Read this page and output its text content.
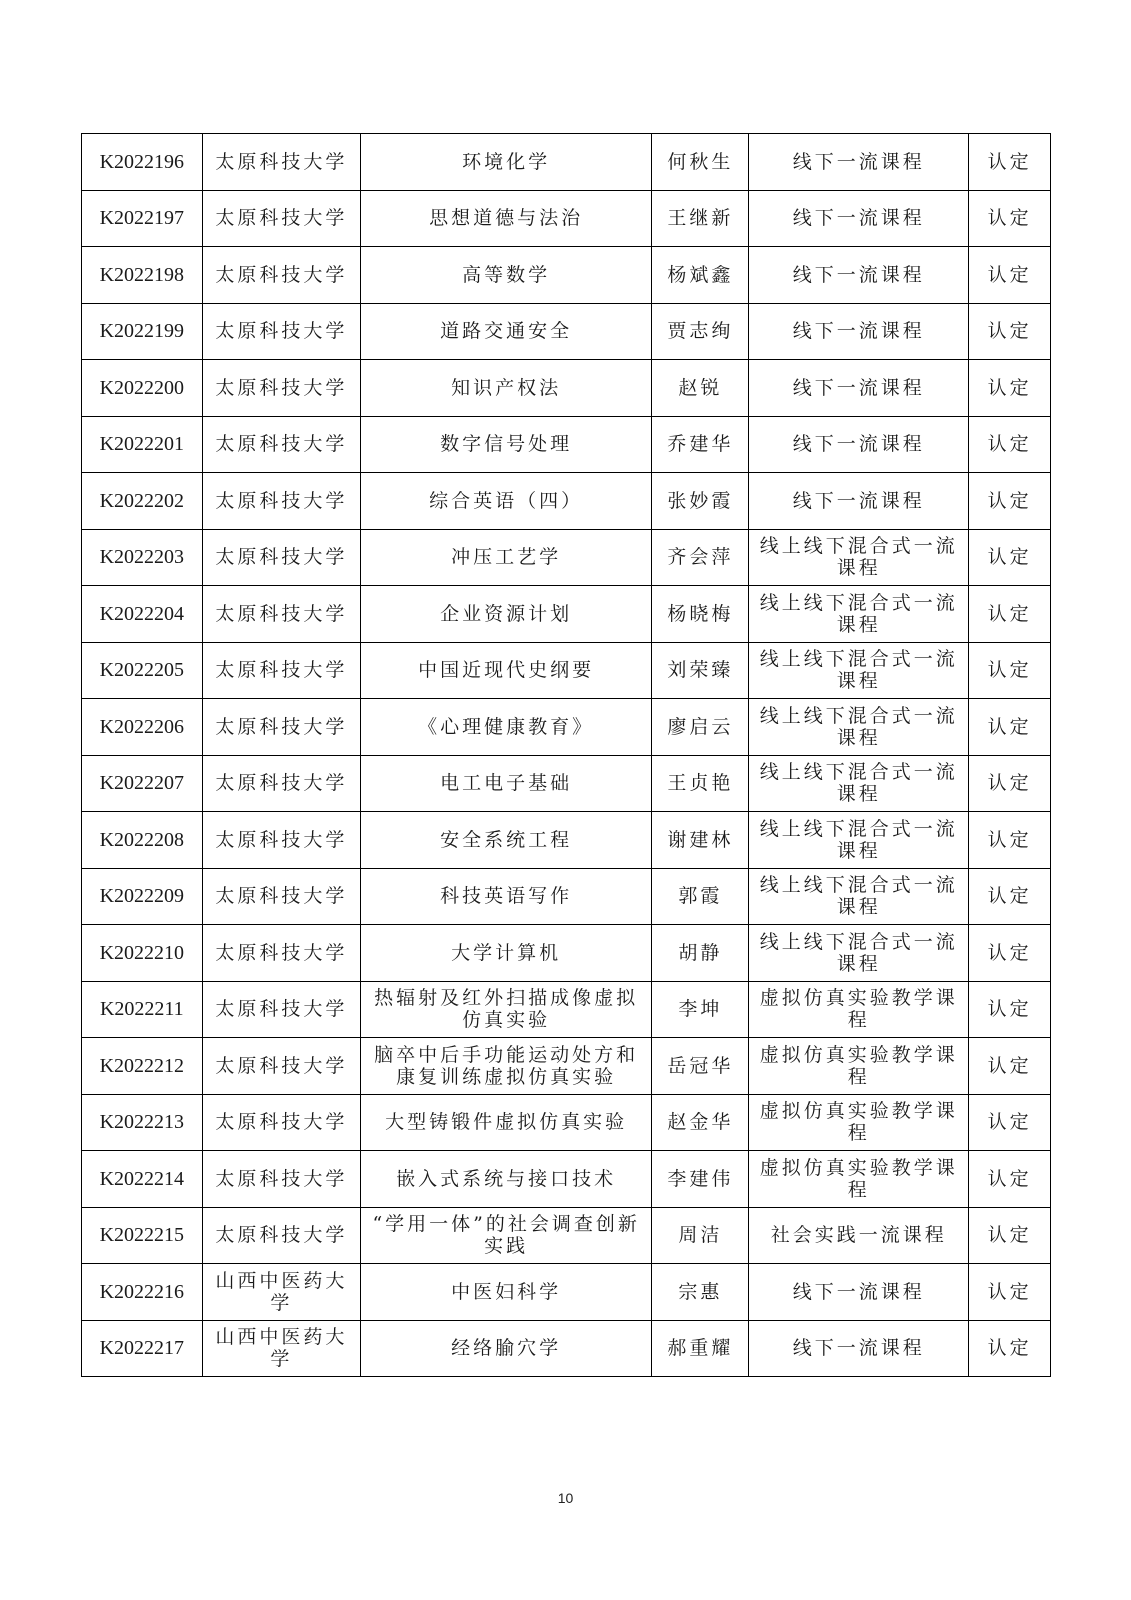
K2022196	太原科技大学	环境化学	何秋生	线下一流课程	认定
K2022197	太原科技大学	思想道德与法治	王继新	线下一流课程	认定
K2022198	太原科技大学	高等数学	杨斌鑫	线下一流课程	认定
K2022199	太原科技大学	道路交通安全	贾志绚	线下一流课程	认定
K2022200	太原科技大学	知识产权法	赵锐	线下一流课程	认定
K2022201	太原科技大学	数字信号处理	乔建华	线下一流课程	认定
K2022202	太原科技大学	综合英语（四）	张妙霞	线下一流课程	认定
K2022203	太原科技大学	冲压工艺学	齐会萍	线上线下混合式一流课程	认定
K2022204	太原科技大学	企业资源计划	杨晓梅	线上线下混合式一流课程	认定
K2022205	太原科技大学	中国近现代史纲要	刘荣臻	线上线下混合式一流课程	认定
K2022206	太原科技大学	《心理健康教育》	廖启云	线上线下混合式一流课程	认定
K2022207	太原科技大学	电工电子基础	王贞艳	线上线下混合式一流课程	认定
K2022208	太原科技大学	安全系统工程	谢建林	线上线下混合式一流课程	认定
K2022209	太原科技大学	科技英语写作	郭霞	线上线下混合式一流课程	认定
K2022210	太原科技大学	大学计算机	胡静	线上线下混合式一流课程	认定
K2022211	太原科技大学	热辐射及红外扫描成像虚拟仿真实验	李坤	虚拟仿真实验教学课程	认定
K2022212	太原科技大学	脑卒中后手功能运动处方和康复训练虚拟仿真实验	岳冠华	虚拟仿真实验教学课程	认定
K2022213	太原科技大学	大型铸锻件虚拟仿真实验	赵金华	虚拟仿真实验教学课程	认定
K2022214	太原科技大学	嵌入式系统与接口技术	李建伟	虚拟仿真实验教学课程	认定
K2022215	太原科技大学	“学用一体”的社会调查创新实践	周洁	社会实践一流课程	认定
K2022216	山西中医药大学	中医妇科学	宗惠	线下一流课程	认定
K2022217	山西中医药大学	经络腧穴学	郝重耀	线下一流课程	认定
10
